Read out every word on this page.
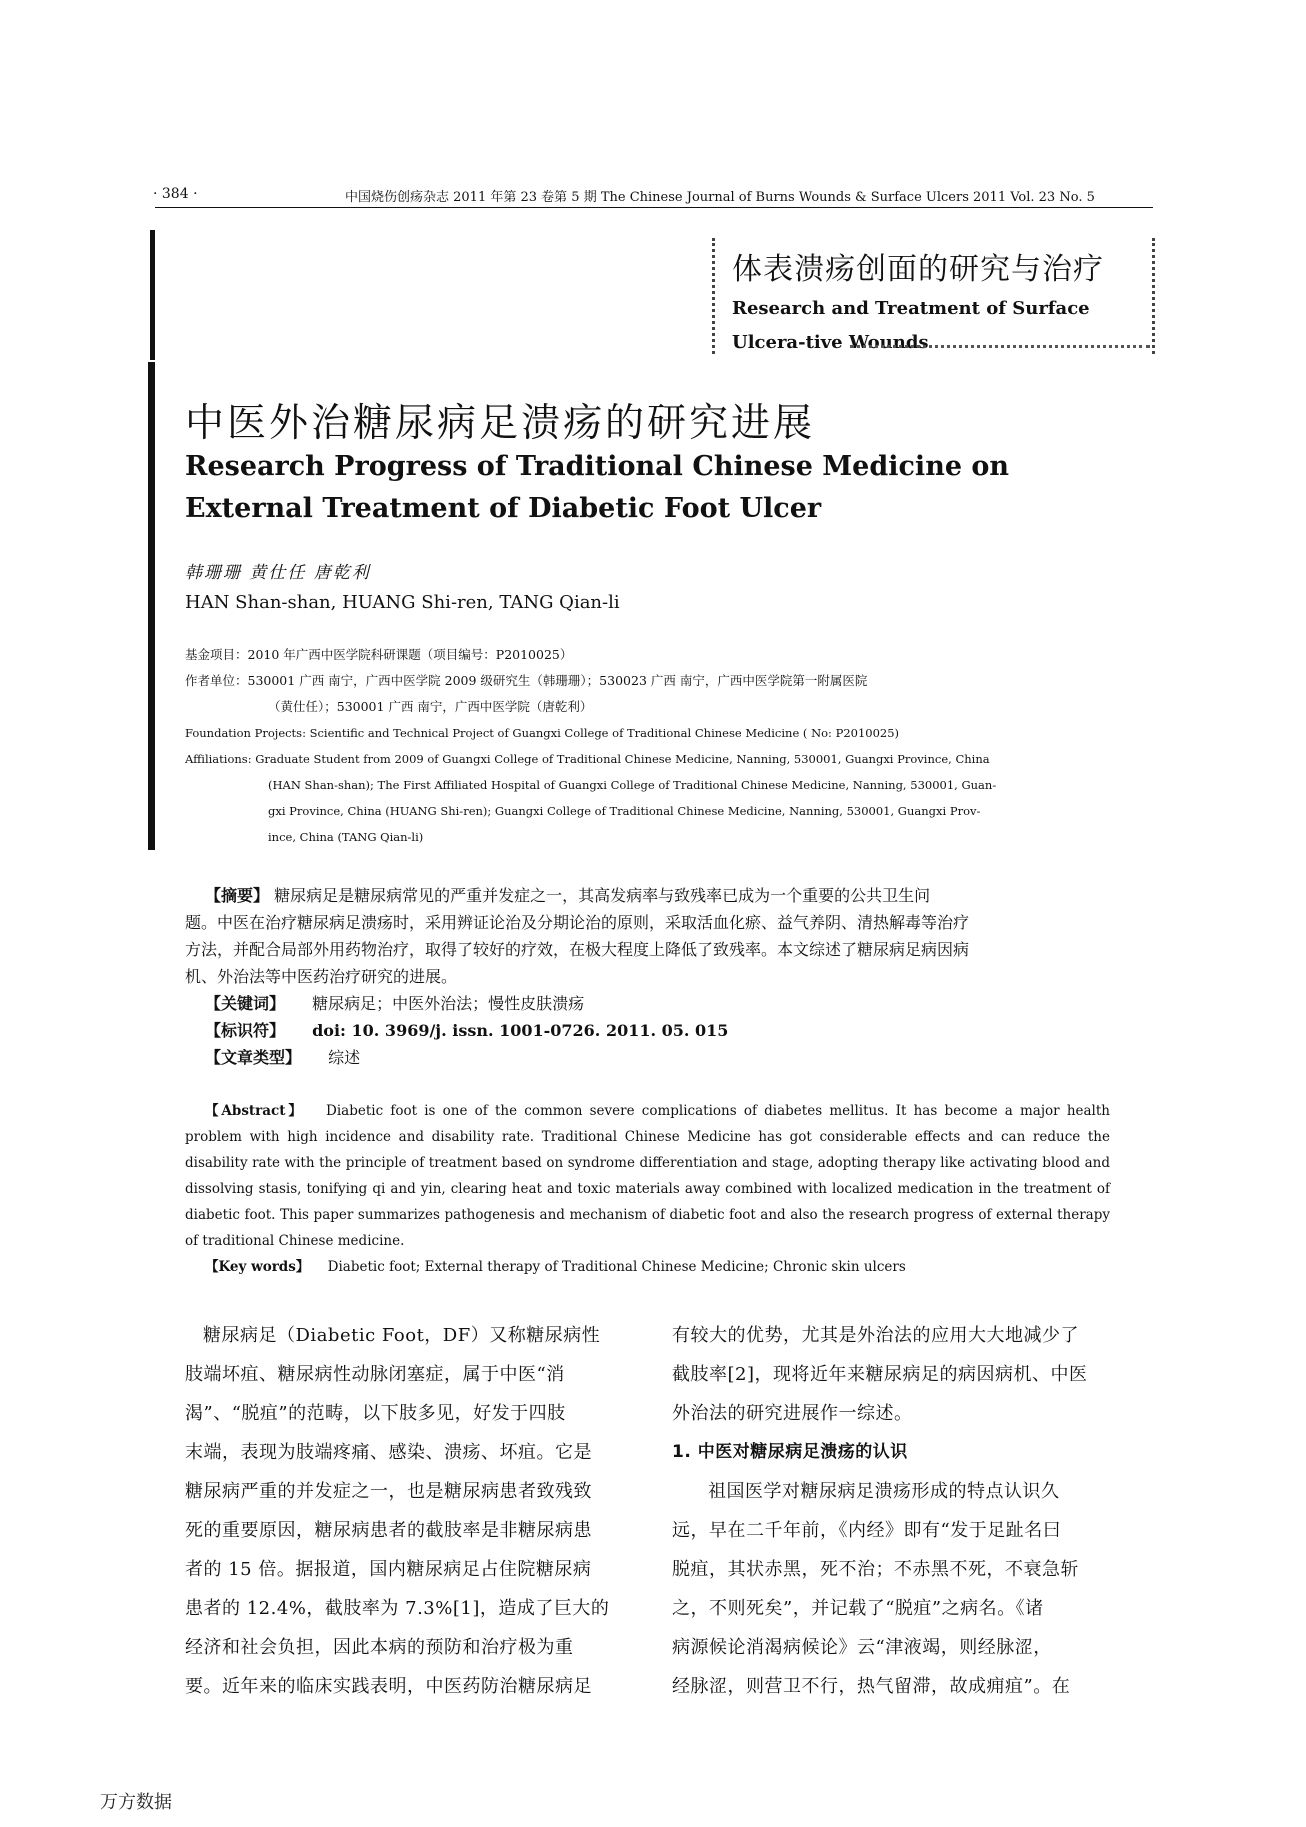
· 384 ·	中国烧伤创疡杂志 2011 年第 23 卷第 5 期 The Chinese Journal of Burns Wounds & Surface Ulcers 2011 Vol. 23 No. 5
体表溃疡创面的研究与治疗
Research and Treatment of Surface Ulcera-tive Wounds
中医外治糖尿病足溃疡的研究进展
Research Progress of Traditional Chinese Medicine on External Treatment of Diabetic Foot Ulcer
韩珊珊 黄仕任 唐乾利
HAN Shan-shan, HUANG Shi-ren, TANG Qian-li
基金项目：2010 年广西中医学院科研课题（项目编号：P2010025）
作者单位：530001 广西 南宁，广西中医学院 2009 级研究生（韩珊珊）；530023 广西 南宁，广西中医学院第一附属医院
（黄仕任）；530001 广西 南宁，广西中医学院（唐乾利）
Foundation Projects: Scientific and Technical Project of Guangxi College of Traditional Chinese Medicine ( No: P2010025)
Affiliations: Graduate Student from 2009 of Guangxi College of Traditional Chinese Medicine, Nanning, 530001, Guangxi Province, China
(HAN Shan-shan); The First Affiliated Hospital of Guangxi College of Traditional Chinese Medicine, Nanning, 530001, Guan-
gxi Province, China (HUANG Shi-ren); Guangxi College of Traditional Chinese Medicine, Nanning, 530001, Guangxi Prov-
ince, China (TANG Qian-li)
【摘要】 糖尿病足是糖尿病常见的严重并发症之一，其高发病率与致残率已成为一个重要的公共卫生问
题。中医在治疗糖尿病足溃疡时，采用辨证论治及分期论治的原则，采取活血化瘀、益气养阴、清热解毒等治疗
方法，并配合局部外用药物治疗，取得了较好的疗效，在极大程度上降低了致残率。本文综述了糖尿病足病因病
机、外治法等中医药治疗研究的进展。
【关键词】 糖尿病足；中医外治法；慢性皮肤溃疡
【标识符】 doi: 10. 3969/j. issn. 1001-0726. 2011. 05. 015
【文章类型】 综述
【Abstract】 Diabetic foot is one of the common severe complications of diabetes mellitus. It has become a major health problem with high incidence and disability rate. Traditional Chinese Medicine has got considerable effects and can reduce the disability rate with the principle of treatment based on syndrome differentiation and stage, adopting therapy like activating blood and dissolving stasis, tonifying qi and yin, clearing heat and toxic materials away combined with localized medication in the treatment of diabetic foot. This paper summarizes pathogenesis and mechanism of diabetic foot and also the research progress of external therapy of traditional Chinese medicine.
【Key words】 Diabetic foot; External therapy of Traditional Chinese Medicine; Chronic skin ulcers
糖尿病足（Diabetic Foot，DF）又称糖尿病性
肢端坏疽、糖尿病性动脉闭塞症，属于中医“消
渴”、“脱疽”的范畴，以下肢多见，好发于四肢
末端，表现为肢端疼痛、感染、溃疡、坏疽。它是
糖尿病严重的并发症之一，也是糖尿病患者致残致
死的重要原因，糖尿病患者的截肢率是非糖尿病患
者的 15 倍。据报道，国内糖尿病足占住院糖尿病
患者的 12.4%，截肢率为 7.3%[1]，造成了巨大的
经济和社会负担，因此本病的预防和治疗极为重
要。近年来的临床实践表明，中医药防治糖尿病足
有较大的优势，尤其是外治法的应用大大地减少了
截肢率[2]，现将近年来糖尿病足的病因病机、中医
外治法的研究进展作一综述。
1. 中医对糖尿病足溃疡的认识
祖国医学对糖尿病足溃疡形成的特点认识久
远，早在二千年前，《内经》即有“发于足趾名曰
脱疽，其状赤黑，死不治；不赤黑不死，不衰急斩
之，不则死矣”，并记载了“脱疽”之病名。《诸
病源候论消渴病候论》云“津液竭，则经脉涩，
经脉涩，则营卫不行，热气留滞，故成痈疽”。在
万方数据
